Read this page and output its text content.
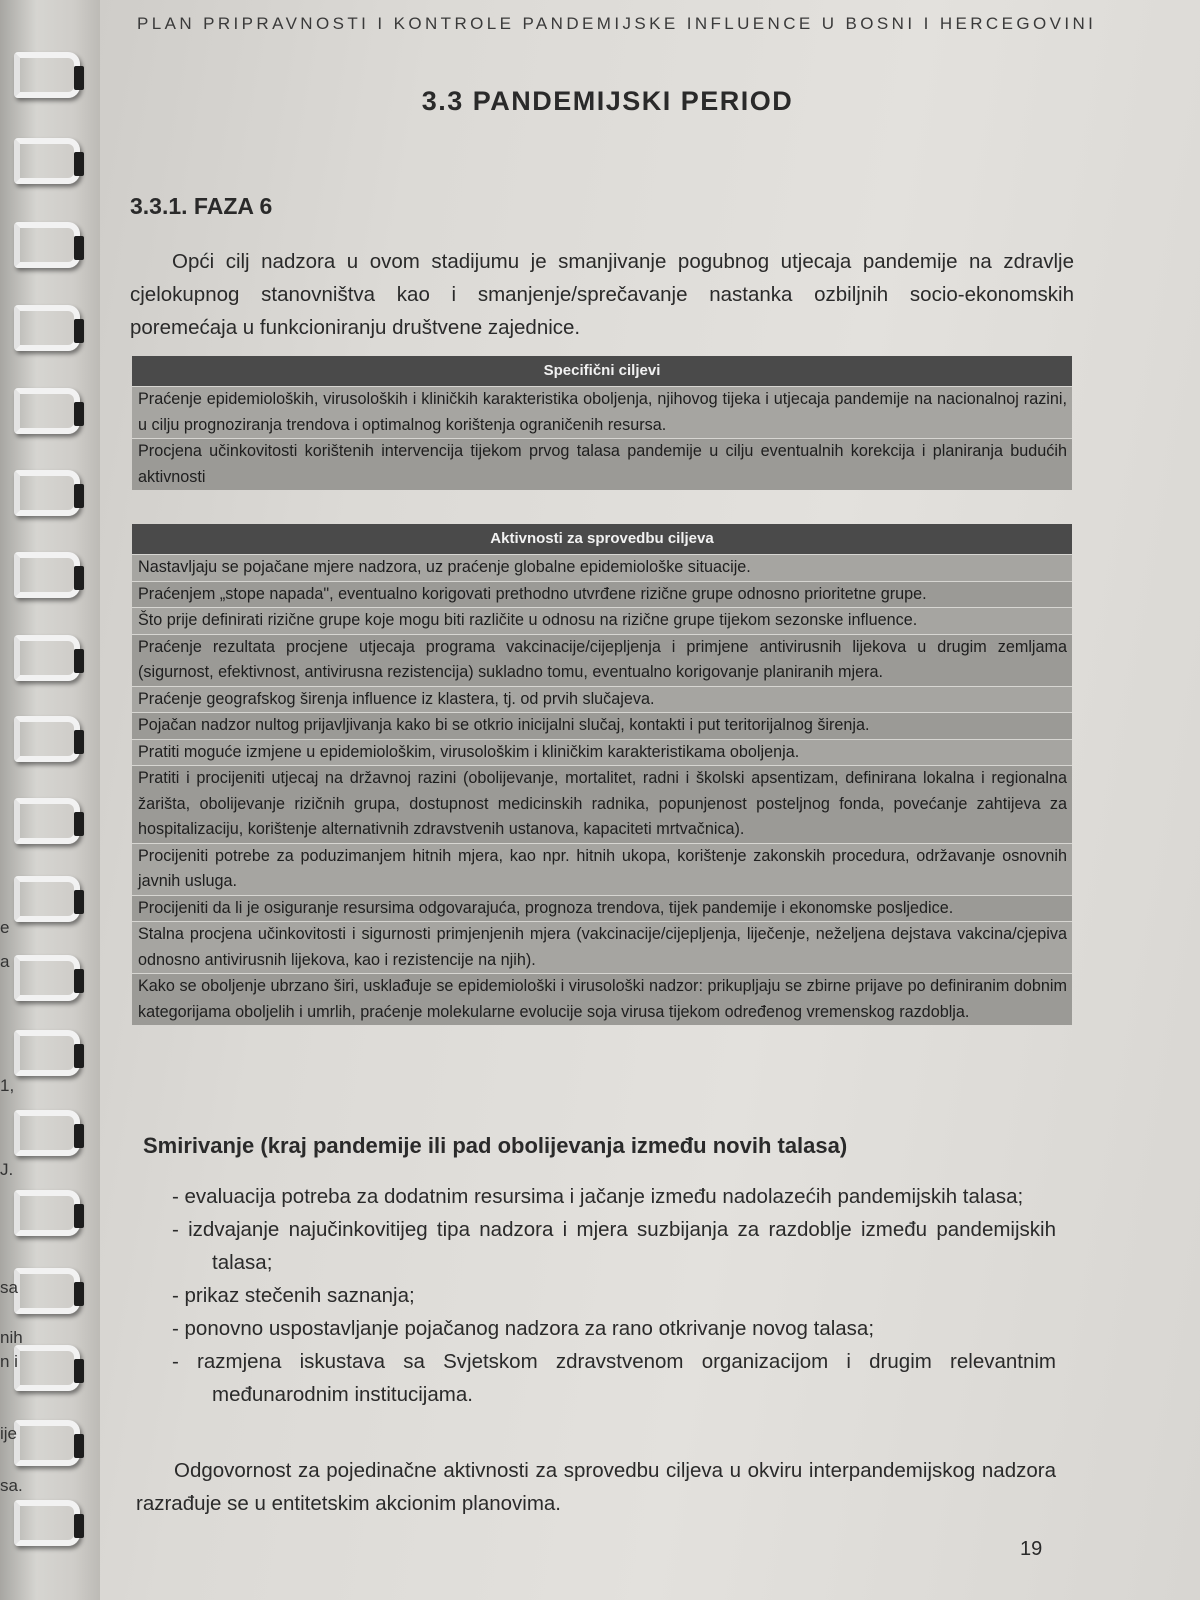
e
a
1,
J.
sa
nih
n i
ije
sa.
PLAN PRIPRAVNOSTI I KONTROLE PANDEMIJSKE INFLUENCE U BOSNI I HERCEGOVINI
3.3 PANDEMIJSKI PERIOD
3.3.1. FAZA 6

Opći cilj nadzora u ovom stadijumu je smanjivanje pogubnog utjecaja pandemije na zdravlje cjelokupnog stanovništva kao i smanjenje/sprečavanje nastanka ozbiljnih socio-ekonomskih poremećaja u funkcioniranju društvene zajednice.

Specifični ciljevi
Praćenje epidemioloških, virusoloških i kliničkih karakteristika oboljenja, njihovog tijeka i utjecaja pandemije na nacionalnoj razini, u cilju prognoziranja trendova i optimalnog korištenja ograničenih resursa.
Procjena učinkovitosti korištenih intervencija tijekom prvog talasa pandemije u cilju eventualnih korekcija i planiranja budućih aktivnosti
Aktivnosti za sprovedbu ciljeva
Nastavljaju se pojačane mjere nadzora, uz praćenje globalne epidemiološke situacije.
Praćenjem „stope napada", eventualno korigovati prethodno utvrđene rizične grupe odnosno prioritetne grupe.
Što prije definirati rizične grupe koje mogu biti različite u odnosu na rizične grupe tijekom sezonske influence.
Praćenje rezultata procjene utjecaja programa vakcinacije/cijepljenja i primjene antivirusnih lijekova u drugim zemljama (sigurnost, efektivnost, antivirusna rezistencija) sukladno tomu, eventualno korigovanje planiranih mjera.
Praćenje geografskog širenja influence iz klastera, tj. od prvih slučajeva.
Pojačan nadzor nultog prijavljivanja kako bi se otkrio inicijalni slučaj, kontakti i put teritorijalnog širenja.
Pratiti moguće izmjene u epidemiološkim, virusološkim i kliničkim karakteristikama oboljenja.
Pratiti i procijeniti utjecaj na državnoj razini (obolijevanje, mortalitet, radni i školski apsentizam, definirana lokalna i regionalna žarišta, obolijevanje rizičnih grupa, dostupnost medicinskih radnika, popunjenost posteljnog fonda, povećanje zahtijeva za hospitalizaciju, korištenje alternativnih zdravstvenih ustanova, kapaciteti mrtvačnica).
Procijeniti potrebe za poduzimanjem hitnih mjera, kao npr. hitnih ukopa, korištenje zakonskih procedura, održavanje osnovnih javnih usluga.
Procijeniti da li je osiguranje resursima odgovarajuća, prognoza trendova, tijek pandemije i ekonomske posljedice.
Stalna procjena učinkovitosti i sigurnosti primjenjenih mjera (vakcinacije/cijepljenja, liječenje, neželjena dejstava vakcina/cjepiva odnosno antivirusnih lijekova, kao i rezistencije na njih).
Kako se oboljenje ubrzano širi, usklađuje se epidemiološki i virusološki nadzor: prikupljaju se zbirne prijave po definiranim dobnim kategorijama oboljelih i umrlih, praćenje molekularne evolucije soja virusa tijekom određenog vremenskog razdoblja.
Smirivanje (kraj pandemije ili pad obolijevanja između novih talasa)
- evaluacija potreba za dodatnim resursima i jačanje između nadolazećih pandemijskih talasa;
- izdvajanje najučinkovitijeg tipa nadzora i mjera suzbijanja za razdoblje između pandemijskih talasa;
- prikaz stečenih saznanja;
- ponovno uspostavljanje pojačanog nadzora za rano otkrivanje novog talasa;
- razmjena iskustava sa Svjetskom zdravstvenom organizacijom i drugim relevantnim međunarodnim institucijama.

Odgovornost za pojedinačne aktivnosti za sprovedbu ciljeva u okviru interpandemijskog nadzora razrađuje se u entitetskim akcionim planovima.

19
